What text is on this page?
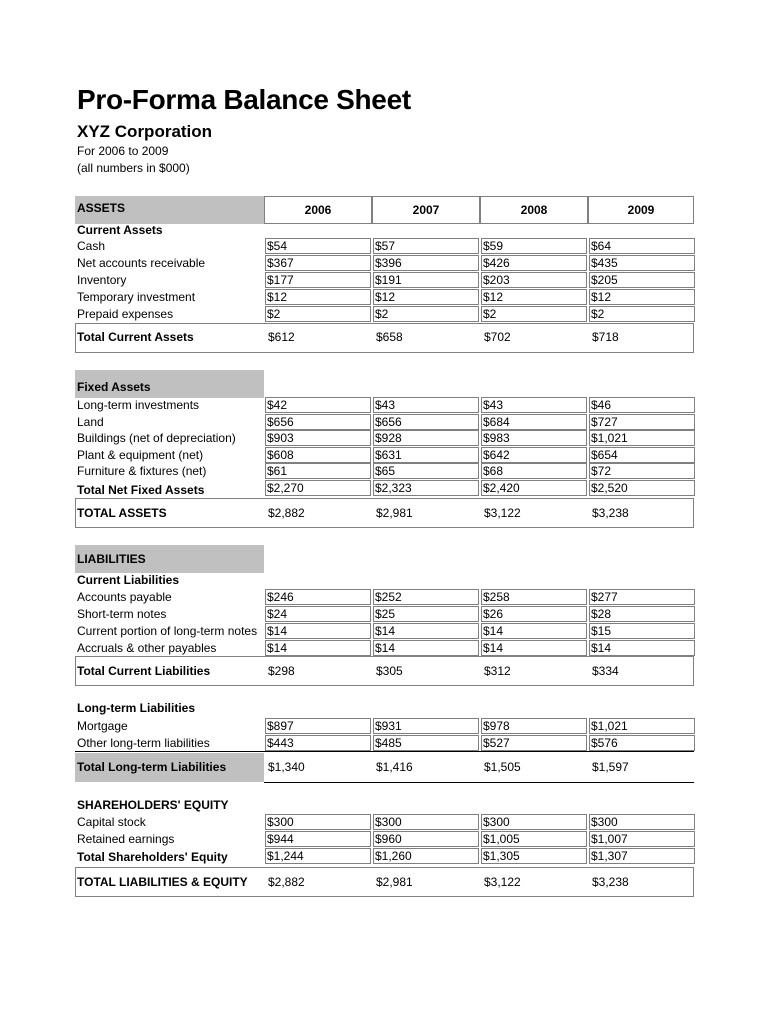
Pro-Forma Balance Sheet
XYZ Corporation
For 2006 to 2009
(all numbers in $000)
ASSETS	2006	2007	2008	2009
Current Assets
Cash	$54	$57	$59	$64
Net accounts receivable	$367	$396	$426	$435
Inventory	$177	$191	$203	$205
Temporary investment	$12	$12	$12	$12
Prepaid expenses	$2	$2	$2	$2
Total Current Assets	$612	$658	$702	$718
Fixed Assets
Long-term investments	$42	$43	$43	$46
Land	$656	$656	$684	$727
Buildings (net of depreciation)	$903	$928	$983	$1,021
Plant & equipment (net)	$608	$631	$642	$654
Furniture & fixtures (net)	$61	$65	$68	$72
Total Net Fixed Assets	$2,270	$2,323	$2,420	$2,520
TOTAL ASSETS	$2,882	$2,981	$3,122	$3,238
LIABILITIES
Current Liabilities
Accounts payable	$246	$252	$258	$277
Short-term notes	$24	$25	$26	$28
Current portion of long-term notes $14	$14	$14	$15
Accruals & other payables	$14	$14	$14	$14
Total Current Liabilities	$298	$305	$312	$334
Long-term Liabilities
Mortgage	$897	$931	$978	$1,021
Other long-term liabilities	$443	$485	$527	$576
Total Long-term Liabilities	$1,340	$1,416	$1,505	$1,597
SHAREHOLDERS' EQUITY
Capital stock	$300	$300	$300	$300
Retained earnings	$944	$960	$1,005	$1,007
Total Shareholders' Equity	$1,244	$1,260	$1,305	$1,307
TOTAL LIABILITIES & EQUITY $2,882	$2,981	$3,122	$3,238
